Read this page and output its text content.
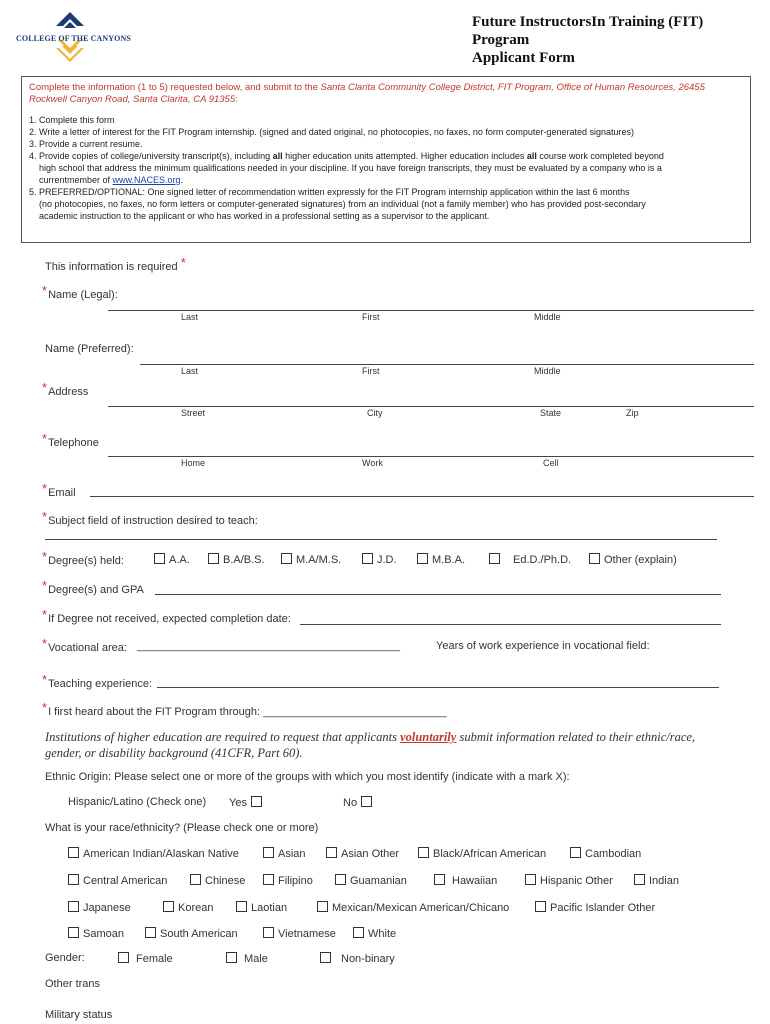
COLLEGE OF THE CANYONS
Future InstructorsIn Training (FIT)
Program
Applicant Form
Complete the information (1 to 5) requested below, and submit to the Santa Clarita Community College District, FIT Program, Office of Human Resources, 26455 Rockwell Canyon Road, Santa Clarita, CA 91355:
1. Complete this form
2. Write a letter of interest for the FIT Program internship. (signed and dated original, no photocopies, no faxes, no form computer-generated signatures)
3. Provide a current resume.
4. Provide copies of college/university transcript(s), including all higher education units attempted. Higher education includes all course work completed beyond
high school that address the minimum qualifications needed in your discipline. If you have foreign transcripts, they must be evaluated by a company who is a
currentmember of www.NACES.org.
5. PREFERRED/OPTIONAL: One signed letter of recommendation written expressly for the FIT Program internship application within the last 6 months
(no photocopies, no faxes, no form letters or computer-generated signatures) from an individual (not a family member) who has provided post-secondary
academic instruction to the applicant or who has worked in a professional setting as a supervisor to the applicant.
This information is required *
*Name (Legal):
Last	First	Middle
Name (Preferred):
Last	First	Middle
*Address
Street	City	State	Zip
*Telephone
Home	Work	Cell
*Email
*Subject field of instruction desired to teach:
*Degree(s) held:	A.A.	B.A/B.S.	M.A/M.S.	J.D.	M.B.A.	Ed.D./Ph.D.	Other (explain)
*Degree(s) and GPA
*If Degree not received, expected completion date:
*Vocational area: ___________________________________________	Years of work experience in vocational field:
*Teaching experience:
*I first heard about the FIT Program through: ______________________________
Institutions of higher education are required to request that applicants voluntarily submit information related to their ethnic/race,
gender, or disability background (41CFR, Part 60).
Ethnic Origin: Please select one or more of the groups with which you most identify (indicate with a mark X):
Hispanic/Latino (Check one) Yes	No
What is your race/ethnicity? (Please check one or more)
American Indian/Alaskan Native	Asian	Asian Other	Black/African American	Cambodian
Central American	Chinese	Filipino	Guamanian	Hawaiian	Hispanic Other	Indian
Japanese	Korean	Laotian	Mexican/Mexican American/Chicano	Pacific Islander Other
Samoan	South American	Vietnamese	White
Gender:	Female	Male	Non-binary
Other trans
Military status
